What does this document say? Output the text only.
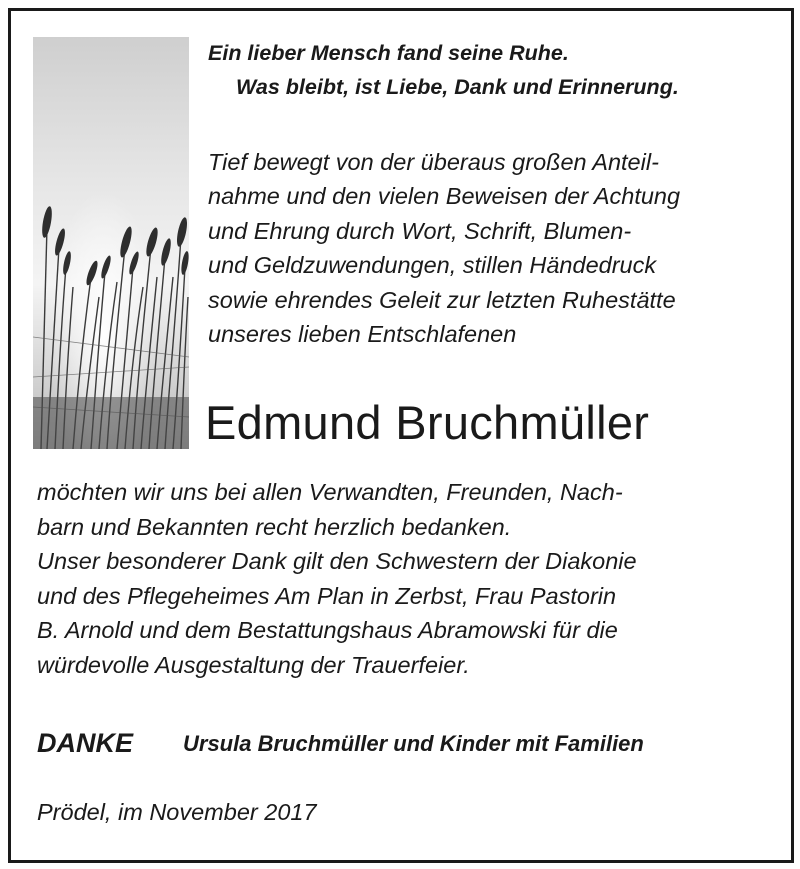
Ein lieber Mensch fand seine Ruhe.
Was bleibt, ist Liebe, Dank und Erinnerung.
Tief bewegt von der überaus großen Anteil-
nahme und den vielen Beweisen der Achtung
und Ehrung durch Wort, Schrift, Blumen-
und Geldzuwendungen, stillen Händedruck
sowie ehrendes Geleit zur letzten Ruhestätte
unseres lieben Entschlafenen
Edmund Bruchmüller
möchten wir uns bei allen Verwandten, Freunden, Nach-
barn und Bekannten recht herzlich bedanken.
Unser besonderer Dank gilt den Schwestern der Diakonie
und des Pflegeheimes Am Plan in Zerbst, Frau Pastorin
B. Arnold und dem Bestattungshaus Abramowski für die
würdevolle Ausgestaltung der Trauerfeier.
DANKE Ursula Bruchmüller und Kinder mit Familien
Prödel, im November 2017
